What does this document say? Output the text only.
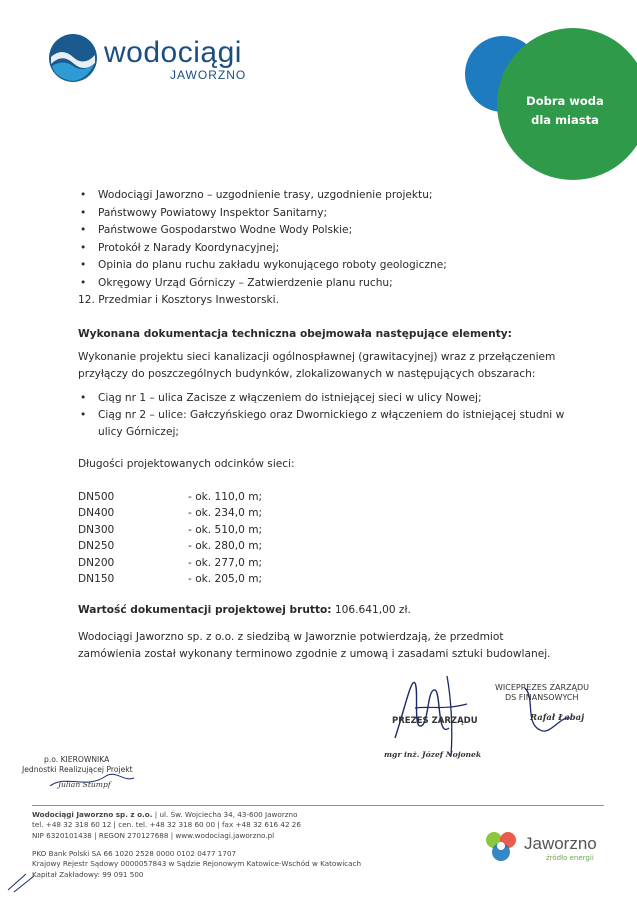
wodociągi
JAWORZNO
Dobra woda
dla miasta
• Wodociągi Jaworzno – uzgodnienie trasy, uzgodnienie projektu;
• Państwowy Powiatowy Inspektor Sanitarny;
• Państwowe Gospodarstwo Wodne Wody Polskie;
• Protokół z Narady Koordynacyjnej;
• Opinia do planu ruchu zakładu wykonującego roboty geologiczne;
• Okręgowy Urząd Górniczy – Zatwierdzenie planu ruchu;
12. Przedmiar i Kosztorys Inwestorski.
Wykonana dokumentacja techniczna obejmowała następujące elementy:
Wykonanie projektu sieci kanalizacji ogólnospławnej (grawitacyjnej) wraz z przełączeniem przyłączy do poszczególnych budynków, zlokalizowanych w następujących obszarach:
• Ciąg nr 1 – ulica Zacisze z włączeniem do istniejącej sieci w ulicy Nowej;
• Ciąg nr 2 – ulice: Gałczyńskiego oraz Dwornickiego z włączeniem do istniejącej studni w ulicy Górniczej;
Długości projektowanych odcinków sieci:
DN500	- ok. 110,0 m;
DN400	- ok. 234,0 m;
DN300	- ok. 510,0 m;
DN250	- ok. 280,0 m;
DN200	- ok. 277,0 m;
DN150	- ok. 205,0 m;
Wartość dokumentacji projektowej brutto: 106.641,00 zł.
Wodociągi Jaworzno sp. z o.o. z siedzibą w Jaworznie potwierdzają, że przedmiot zamówienia został wykonany terminowo zgodnie z umową i zasadami sztuki budowlanej.
PREZES ZARZĄDU
mgr inż. Józef Nojonek
WICEPREZES ZARZĄDU
DS FINANSOWYCH
Rafał Łabaj
p.o. KIEROWNIKA
Jednostki Realizującej Projekt
Julian Stumpf
Wodociągi Jaworzno sp. z o.o. | ul. Św. Wojciecha 34, 43-600 Jaworzno
tel. +48 32 318 60 12 | cen. tel. +48 32 318 60 00 | fax +48 32 616 42 26
NIP 6320101438 | REGON 270127688 | www.wodociagi.jaworzno.pl
PKO Bank Polski SA 66 1020 2528 0000 0102 0477 1707
Krajowy Rejestr Sądowy 0000057843 w Sądzie Rejonowym Katowice-Wschód w Katowicach
Kapitał Zakładowy: 99 091 500
Jaworzno
źródło energii
